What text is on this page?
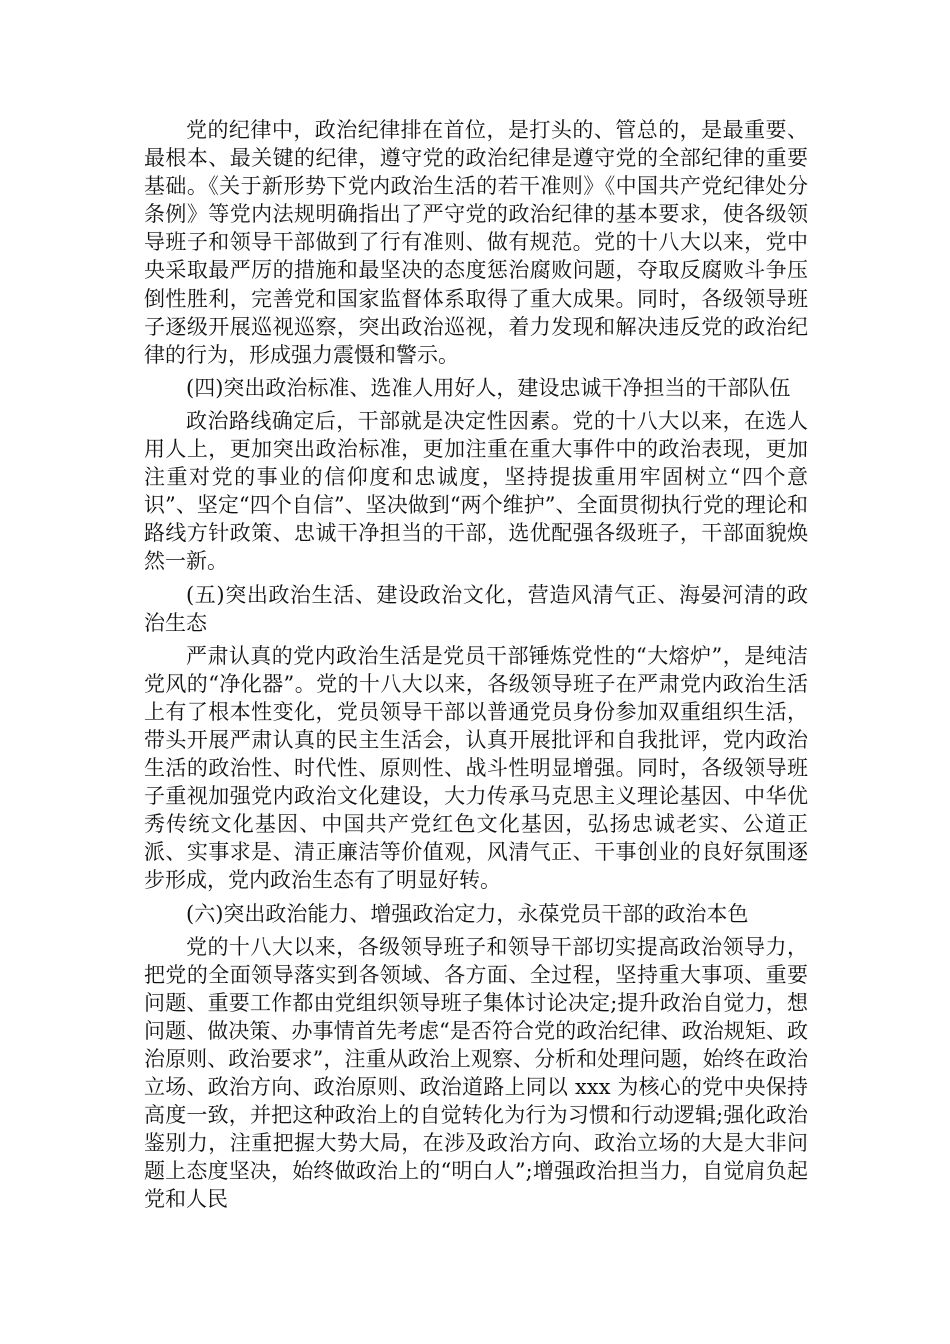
党的纪律中，政治纪律排在首位，是打头的、管总的，是最重要、最根本、最关键的纪律，遵守党的政治纪律是遵守党的全部纪律的重要基础。《关于新形势下党内政治生活的若干准则》《中国共产党纪律处分条例》等党内法规明确指出了严守党的政治纪律的基本要求，使各级领导班子和领导干部做到了行有准则、做有规范。党的十八大以来，党中央采取最严厉的措施和最坚决的态度惩治腐败问题，夺取反腐败斗争压倒性胜利，完善党和国家监督体系取得了重大成果。同时，各级领导班子逐级开展巡视巡察，突出政治巡视，着力发现和解决违反党的政治纪律的行为，形成强力震慑和警示。

(四)突出政治标准、选准人用好人，建设忠诚干净担当的干部队伍

政治路线确定后，干部就是决定性因素。党的十八大以来，在选人用人上，更加突出政治标准，更加注重在重大事件中的政治表现，更加注重对党的事业的信仰度和忠诚度，坚持提拔重用牢固树立“四个意识”、坚定“四个自信”、坚决做到“两个维护”、全面贯彻执行党的理论和路线方针政策、忠诚干净担当的干部，选优配强各级班子，干部面貌焕然一新。

(五)突出政治生活、建设政治文化，营造风清气正、海晏河清的政治生态

严肃认真的党内政治生活是党员干部锤炼党性的“大熔炉”，是纯洁党风的“净化器”。党的十八大以来，各级领导班子在严肃党内政治生活上有了根本性变化，党员领导干部以普通党员身份参加双重组织生活，带头开展严肃认真的民主生活会，认真开展批评和自我批评，党内政治生活的政治性、时代性、原则性、战斗性明显增强。同时，各级领导班子重视加强党内政治文化建设，大力传承马克思主义理论基因、中华优秀传统文化基因、中国共产党红色文化基因，弘扬忠诚老实、公道正派、实事求是、清正廉洁等价值观，风清气正、干事创业的良好氛围逐步形成，党内政治生态有了明显好转。

(六)突出政治能力、增强政治定力，永葆党员干部的政治本色

党的十八大以来，各级领导班子和领导干部切实提高政治领导力，把党的全面领导落实到各领域、各方面、全过程，坚持重大事项、重要问题、重要工作都由党组织领导班子集体讨论决定;提升政治自觉力，想问题、做决策、办事情首先考虑“是否符合党的政治纪律、政治规矩、政治原则、政治要求”，注重从政治上观察、分析和处理问题，始终在政治立场、政治方向、政治原则、政治道路上同以 xxx 为核心的党中央保持高度一致，并把这种政治上的自觉转化为行为习惯和行动逻辑;强化政治鉴别力，注重把握大势大局，在涉及政治方向、政治立场的大是大非问题上态度坚决，始终做政治上的“明白人”;增强政治担当力，自觉肩负起党和人民
